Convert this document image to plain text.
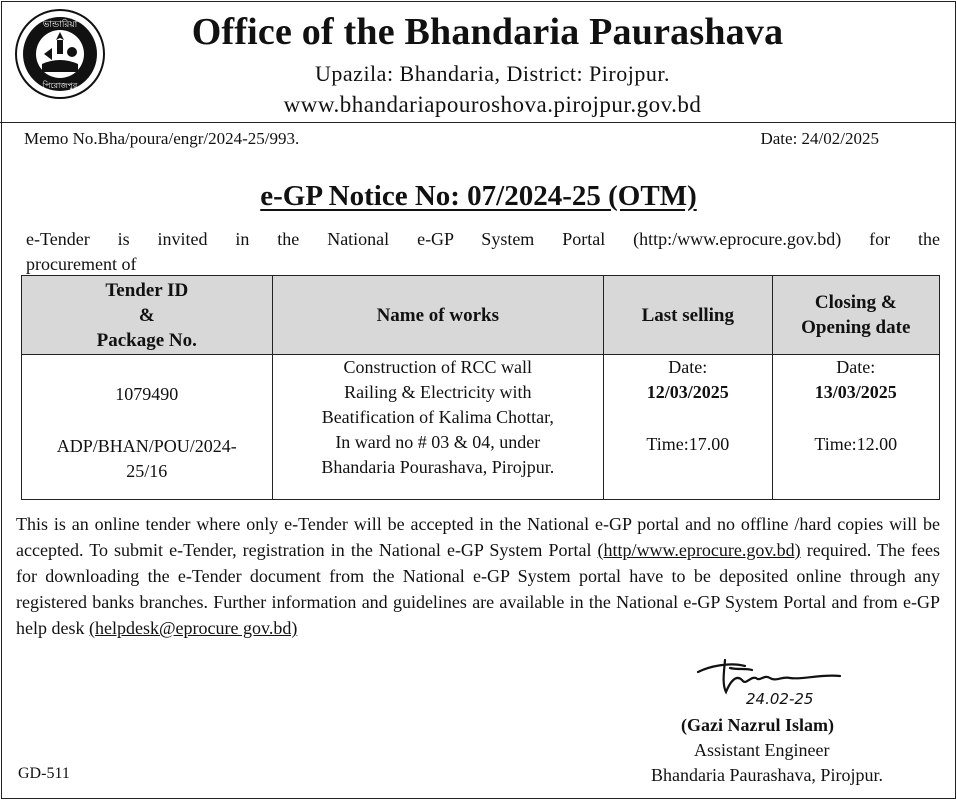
ভান্ডারিয়া
পিরোজপুর
Office of the Bhandaria Paurashava
Upazila: Bhandaria, District: Pirojpur.
www.bhandariapouroshova.pirojpur.gov.bd
Memo No.Bha/poura/engr/2024-25/993.	Date: 24/02/2025
e-GP Notice No: 07/2024-25 (OTM)
e-Tender is invited in the National e-GP System Portal (http:/www.eprocure.gov.bd) for the
procurement of
Tender ID
&
Package No.	Name of works	Last selling	Closing &
Opening date

1079490
ADP/BHAN/POU/2024-
25/16	Construction of RCC wall
Railing & Electricity with
Beatification of Kalima Chottar,
In ward no # 03 & 04, under
Bhandaria Pourashava, Pirojpur.	Date:
12/03/2025
Time:17.00	Date:
13/03/2025
Time:12.00
This is an online tender where only e-Tender will be accepted in the National e-GP portal and no offline /hard copies will be accepted. To submit e-Tender, registration in the National e-GP System Portal (http/www.eprocure.gov.bd) required. The fees for downloading the e-Tender document from the National e-GP System portal have to be deposited online through any registered banks branches. Further information and guidelines are available in the National e-GP System Portal and from e-GP help desk (helpdesk@eprocure gov.bd)
24.02-25
(Gazi Nazrul Islam)
Assistant Engineer
Bhandaria Paurashava, Pirojpur.
GD-511
